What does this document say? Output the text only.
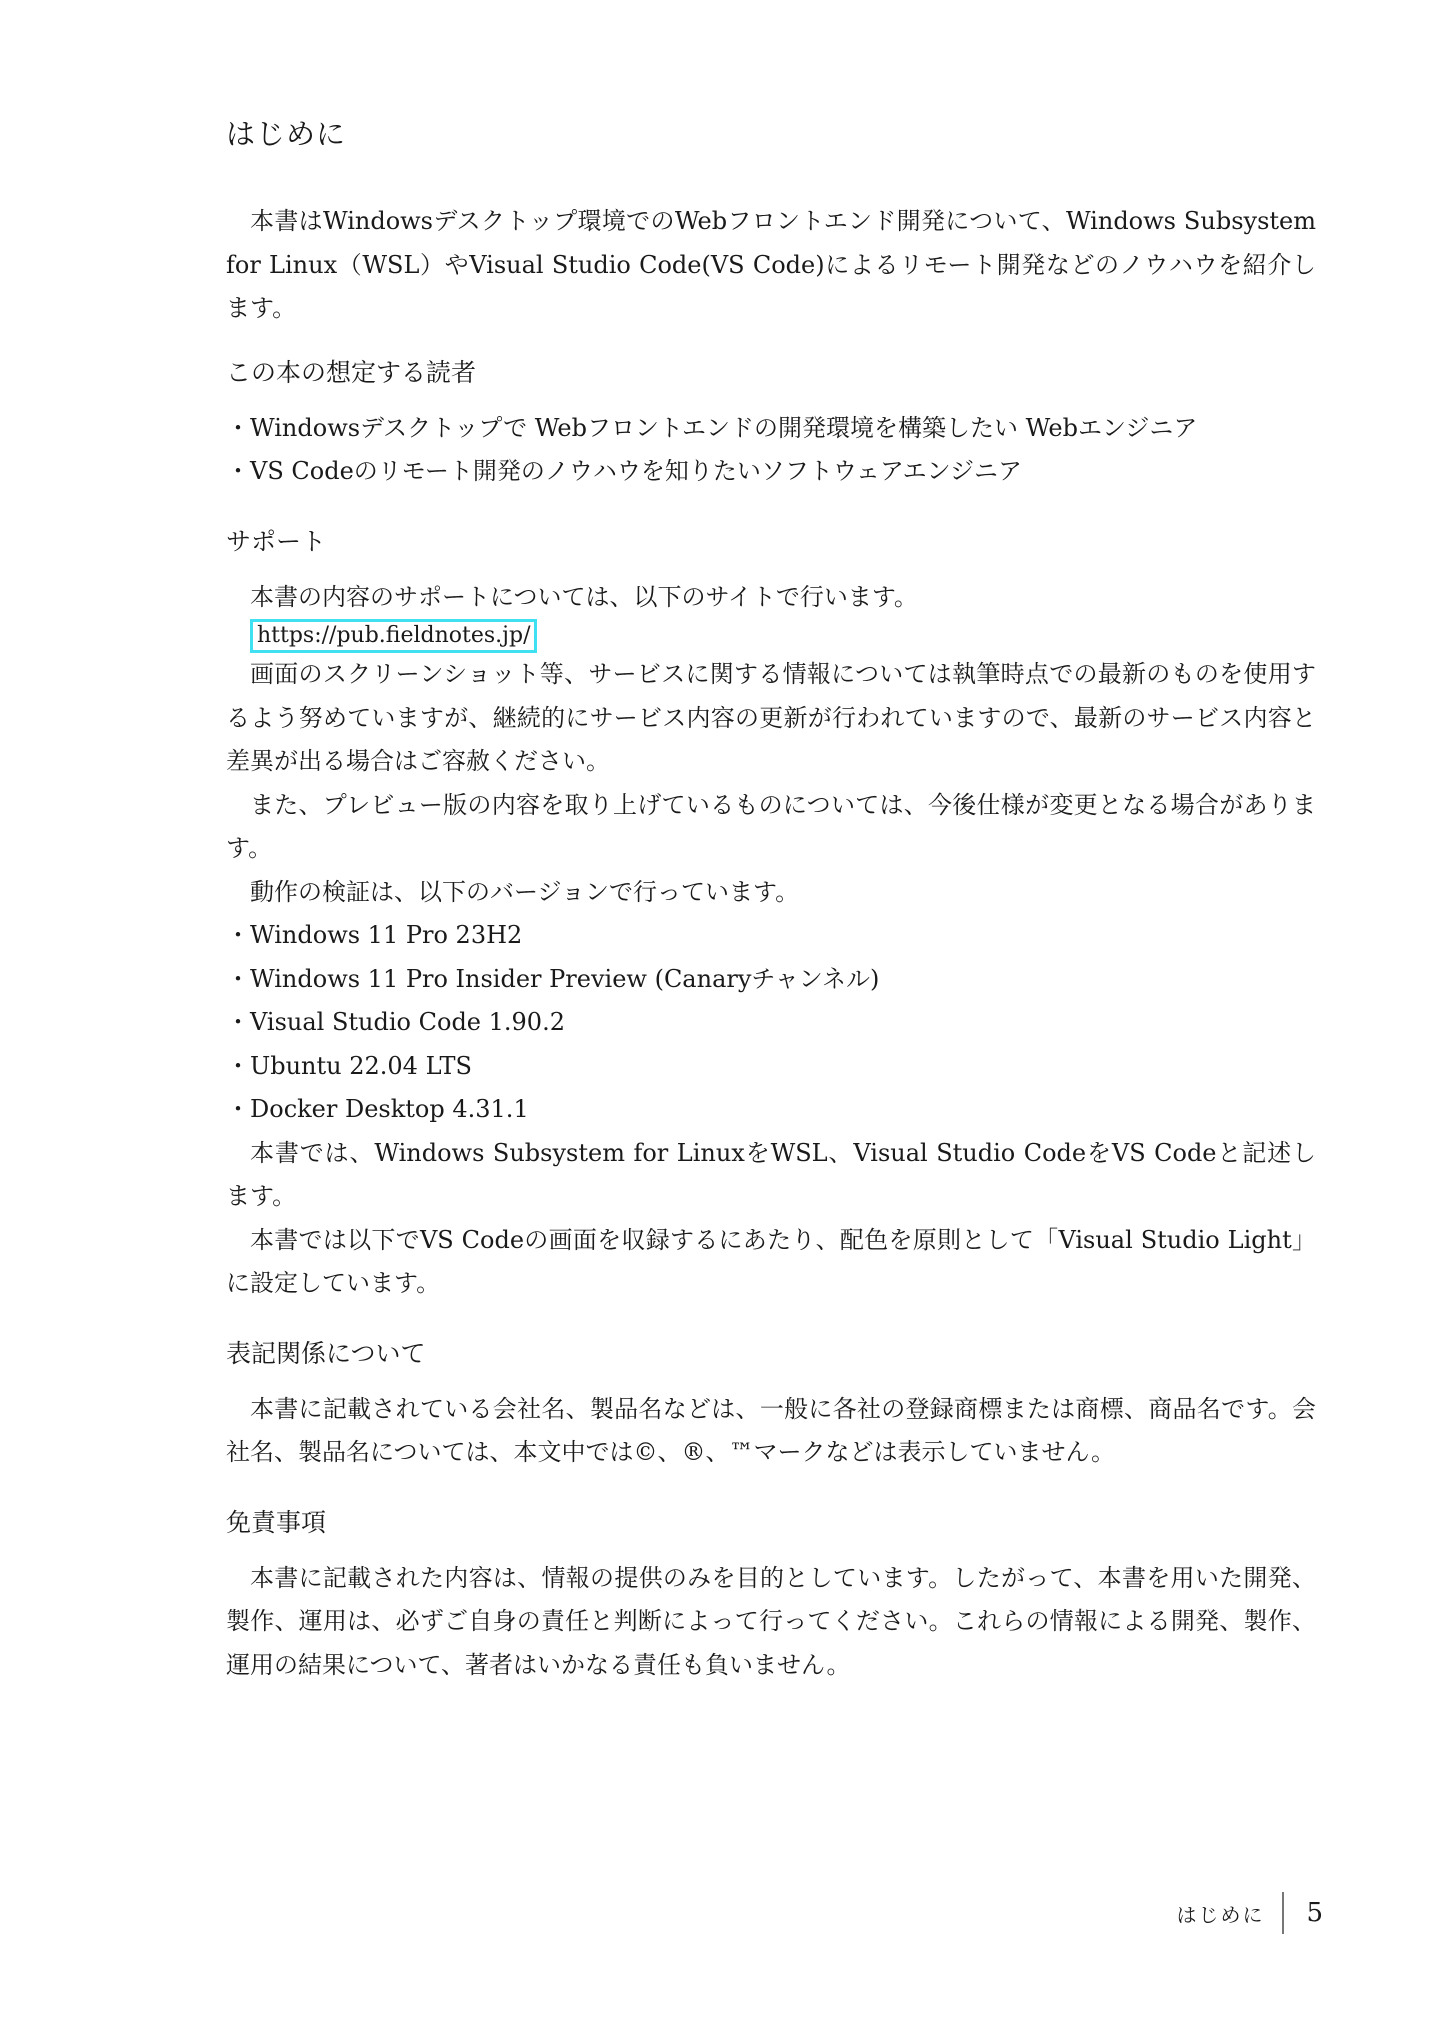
はじめに

本書はWindowsデスクトップ環境でのWebフロントエンド開発について、Windows Subsystem for Linux（WSL）やVisual Studio Code(VS Code)によるリモート開発などのノウハウを紹介します。

この本の想定する読者
・ Windowsデスクトップで Webフロントエンドの開発環境を構築したい Webエンジニア
・ VS Codeのリモート開発のノウハウを知りたいソフトウェアエンジニア
サポート

本書の内容のサポートについては、以下のサイトで行います。

https://pub.fieldnotes.jp/

画面のスクリーンショット等、サービスに関する情報については執筆時点での最新のものを使用するよう努めていますが、継続的にサービス内容の更新が行われていますので、最新のサービス内容と差異が出る場合はご容赦ください。

また、プレビュー版の内容を取り上げているものについては、今後仕様が変更となる場合があります。

動作の検証は、以下のバージョンで行っています。

・ Windows 11 Pro 23H2
・ Windows 11 Pro Insider Preview (Canaryチャンネル)
・ Visual Studio Code 1.90.2
・ Ubuntu 22.04 LTS
・ Docker Desktop 4.31.1

本書では、Windows Subsystem for LinuxをWSL、Visual Studio CodeをVS Codeと記述します。

本書では以下でVS Codeの画面を収録するにあたり、配色を原則として「Visual Studio Light」に設定しています。

表記関係について

本書に記載されている会社名、製品名などは、一般に各社の登録商標または商標、商品名です。会社名、製品名については、本文中では©、®、™マークなどは表示していません。

免責事項

本書に記載された内容は、情報の提供のみを目的としています。したがって、本書を用いた開発、製作、運用は、必ずご自身の責任と判断によって行ってください。これらの情報による開発、製作、運用の結果について、著者はいかなる責任も負いません。

はじめに 5
